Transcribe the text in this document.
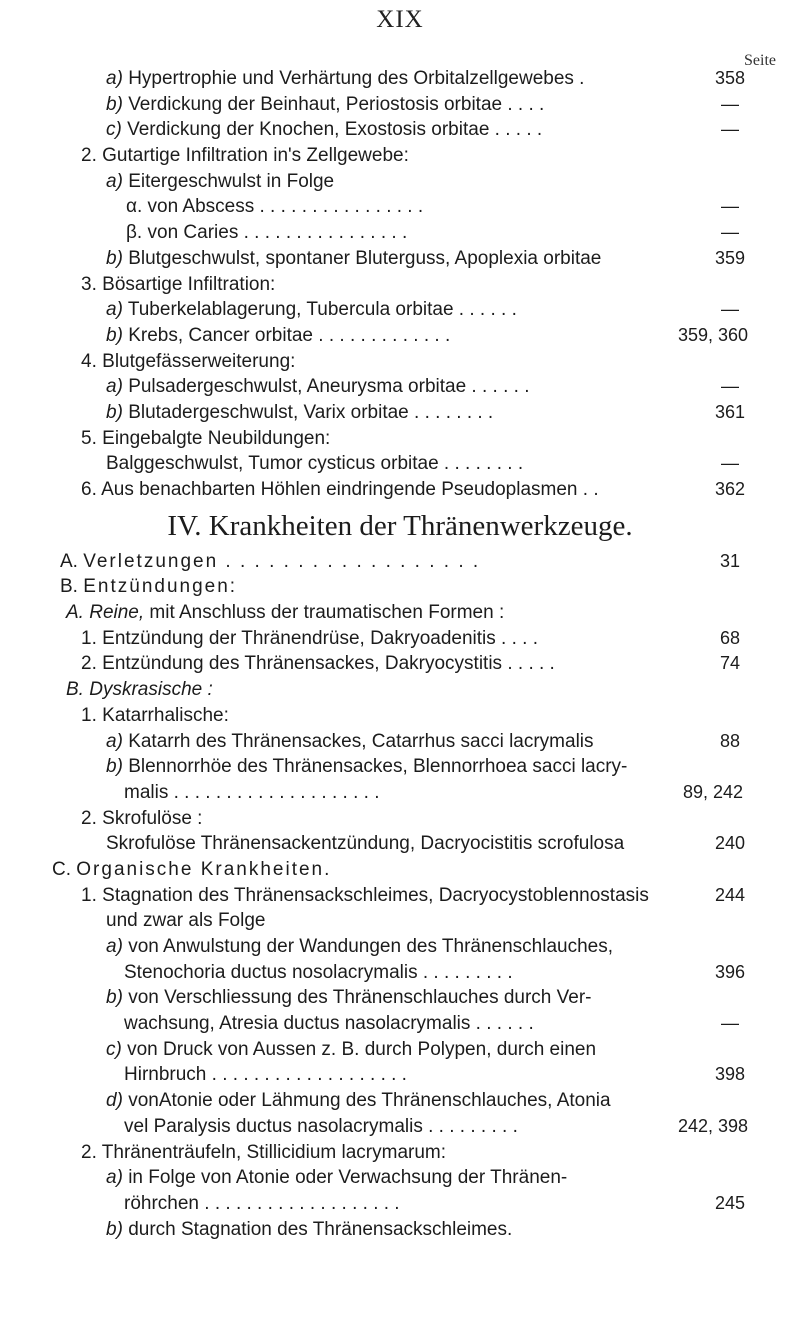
XIX
Seite
a) Hypertrophie und Verhärtung des Orbitalzellgewebes .	358
b) Verdickung der Beinhaut, Periostosis orbitae . . . .	—
c) Verdickung der Knochen, Exostosis orbitae . . . . .	—
2. Gutartige Infiltration in's Zellgewebe:
a) Eitergeschwulst in Folge
α. von Abscess . . . . . . . . . . . . . . . .	—
β. von Caries . . . . . . . . . . . . . . . .	—
b) Blutgeschwulst, spontaner Bluterguss, Apoplexia orbitae	359
3. Bösartige Infiltration:
a) Tuberkelablagerung, Tubercula orbitae . . . . . .	—
b) Krebs, Cancer orbitae . . . . . . . . . . . . .	359, 360
4. Blutgefässerweiterung:
a) Pulsadergeschwulst, Aneurysma orbitae . . . . . .	—
b) Blutadergeschwulst, Varix orbitae . . . . . . . .	361
5. Eingebalgte Neubildungen:
Balggeschwulst, Tumor cysticus orbitae . . . . . . . .	—
6. Aus benachbarten Höhlen eindringende Pseudoplasmen . .	362
IV. Krankheiten der Thränenwerkzeuge.
A. Verletzungen . . . . . . . . . . . . . . . . . .	31
B. Entzündungen:
A. Reine, mit Anschluss der traumatischen Formen :
1. Entzündung der Thränendrüse, Dakryoadenitis . . . .	68
2. Entzündung des Thränensackes, Dakryocystitis . . . . .	74
B. Dyskrasische :
1. Katarrhalische:
a) Katarrh des Thränensackes, Catarrhus sacci lacrymalis	88
b) Blennorrhöe des Thränensackes, Blennorrhoea sacci lacry-
malis . . . . . . . . . . . . . . . . . . . .	89, 242
2. Skrofulöse :
Skrofulöse Thränensackentzündung, Dacryocistitis scrofulosa	240
C. Organische Krankheiten.
1. Stagnation des Thränensackschleimes, Dacryocystoblennostasis	244
und zwar als Folge
a) von Anwulstung der Wandungen des Thränenschlauches,
Stenochoria ductus nosolacrymalis . . . . . . . . .	396
b) von Verschliessung des Thränenschlauches durch Ver-
wachsung, Atresia ductus nasolacrymalis . . . . . .	—
c) von Druck von Aussen z. B. durch Polypen, durch einen
Hirnbruch . . . . . . . . . . . . . . . . . . .	398
d) vonAtonie oder Lähmung des Thränenschlauches, Atonia
vel Paralysis ductus nasolacrymalis . . . . . . . . .	242, 398
2. Thränenträufeln, Stillicidium lacrymarum:
a) in Folge von Atonie oder Verwachsung der Thränen-
röhrchen . . . . . . . . . . . . . . . . . . .	245
b) durch Stagnation des Thränensackschleimes.
